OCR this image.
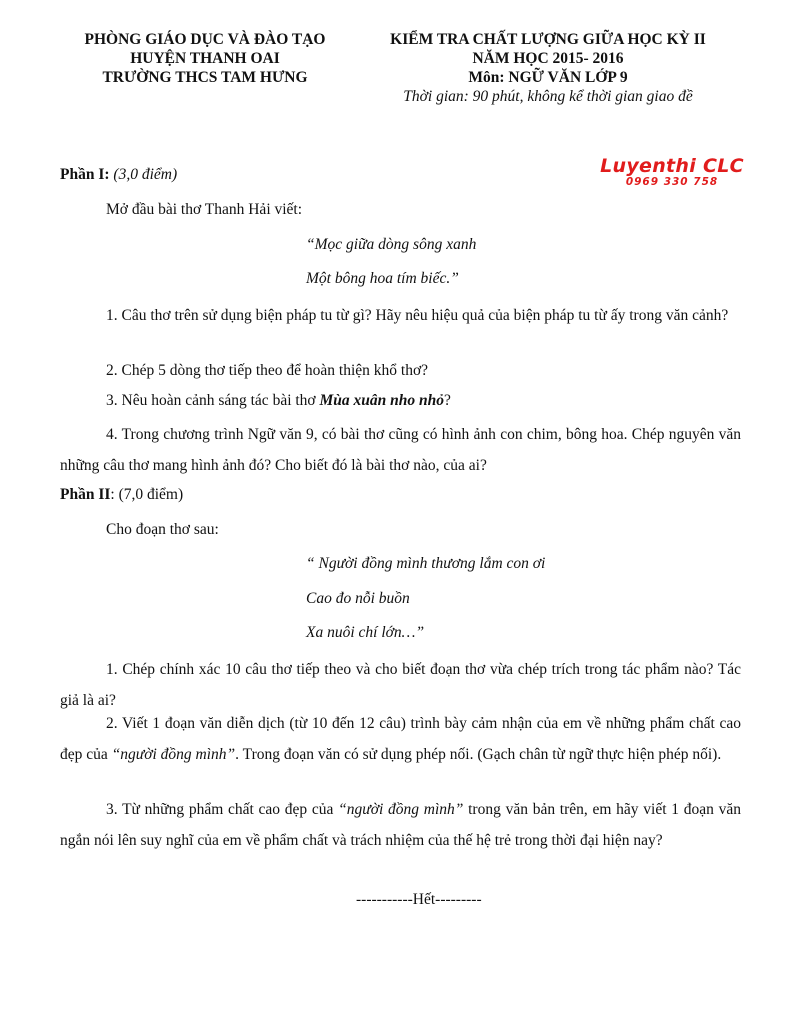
PHÒNG GIÁO DỤC VÀ ĐÀO TẠO
HUYỆN THANH OAI
TRƯỜNG THCS TAM HƯNG
KIỂM TRA CHẤT LƯỢNG GIỮA HỌC KỲ II
NĂM HỌC 2015- 2016
Môn: NGỮ VĂN LỚP 9
Thời gian: 90 phút, không kể thời gian giao đề
Luyenthi CLC
0969 330 758
Phần I: (3,0 điểm)
Mở đầu bài thơ Thanh Hải viết:
“Mọc giữa dòng sông xanh
Một bông hoa tím biếc.”
1. Câu thơ trên sử dụng biện pháp tu từ gì? Hãy nêu hiệu quả của biện pháp tu từ ấy trong văn cảnh?
2. Chép 5 dòng thơ tiếp theo để hoàn thiện khổ thơ?
3. Nêu hoàn cảnh sáng tác bài thơ Mùa xuân nho nhỏ?
4. Trong chương trình Ngữ văn 9, có bài thơ cũng có hình ảnh con chim, bông hoa. Chép nguyên văn những câu thơ mang hình ảnh đó? Cho biết đó là bài thơ nào, của ai?
Phần II: (7,0 điểm)
Cho đoạn thơ sau:
“ Người đồng mình thương lắm con ơi
Cao đo nỗi buồn
Xa nuôi chí lớn…”
1. Chép chính xác 10 câu thơ tiếp theo và cho biết đoạn thơ vừa chép trích trong tác phẩm nào? Tác giả là ai?
2. Viết 1 đoạn văn diễn dịch (từ 10 đến 12 câu) trình bày cảm nhận của em về những phẩm chất cao đẹp của “người đồng mình”. Trong đoạn văn có sử dụng phép nối. (Gạch chân từ ngữ thực hiện phép nối).
3. Từ những phẩm chất cao đẹp của “người đồng mình” trong văn bản trên, em hãy viết 1 đoạn văn ngắn nói lên suy nghĩ của em về phẩm chất và trách nhiệm của thế hệ trẻ trong thời đại hiện nay?
-----------Hết---------
